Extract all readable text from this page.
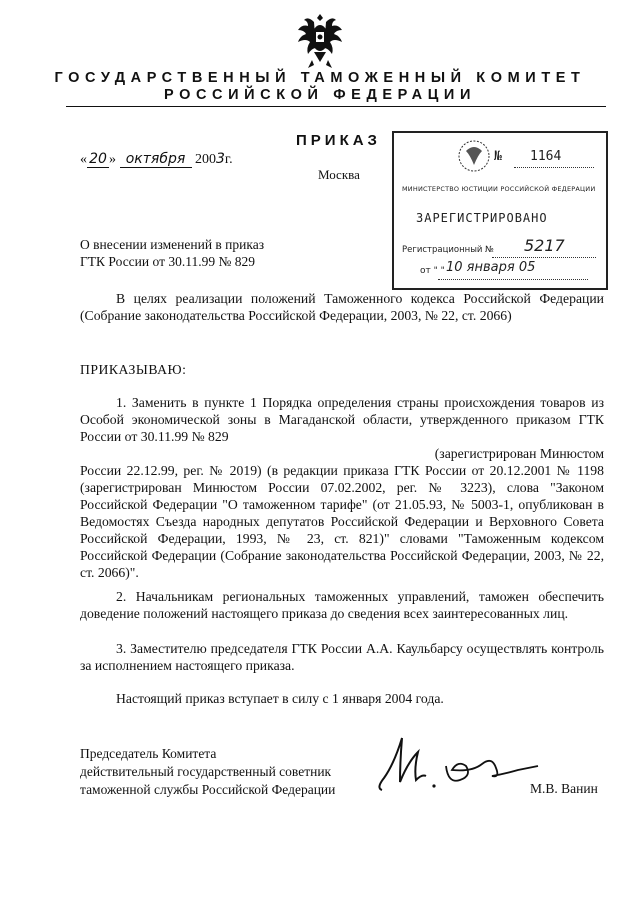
ГОСУДАРСТВЕННЫЙ ТАМОЖЕННЫЙ КОМИТЕТ
РОССИЙСКОЙ ФЕДЕРАЦИИ
ПРИКАЗ
« 20 » октября 2003г.
Москва
О внесении изменений в приказ
ГТК России от 30.11.99 № 829
№ 1164
МИНИСТЕРСТВО ЮСТИЦИИ РОССИЙСКОЙ ФЕДЕРАЦИИ
ЗАРЕГИСТРИРОВАНО
Регистрационный № 5217
от " " 10 января 05
В целях реализации положений Таможенного кодекса Российской Федерации (Собрание законодательства Российской Федерации, 2003, № 22, ст. 2066)
ПРИКАЗЫВАЮ:
1. Заменить в пункте 1 Порядка определения страны происхождения товаров из Особой экономической зоны в Магаданской области, утвержденного приказом ГТК России от 30.11.99 № 829
(зарегистрирован Минюстом
России 22.12.99, рег. № 2019) (в редакции приказа ГТК России от 20.12.2001 № 1198 (зарегистрирован Минюстом России 07.02.2002, рег. № 3223), слова "Законом Российской Федерации "О таможенном тарифе" (от 21.05.93, № 5003-1, опубликован в Ведомостях Съезда народных депутатов Российской Федерации и Верховного Совета Российской Федерации, 1993, № 23, ст. 821)" словами "Таможенным кодексом Российской Федерации (Собрание законодательства Российской Федерации, 2003, № 22, ст. 2066)".
2. Начальникам региональных таможенных управлений, таможен обеспечить доведение положений настоящего приказа до сведения всех заинтересованных лиц.
3. Заместителю председателя ГТК России А.А. Каульбарсу осуществлять контроль за исполнением настоящего приказа.
Настоящий приказ вступает в силу с 1 января 2004 года.
Председатель Комитета
действительный государственный советник
таможенной службы Российской Федерации	М.В. Ванин
